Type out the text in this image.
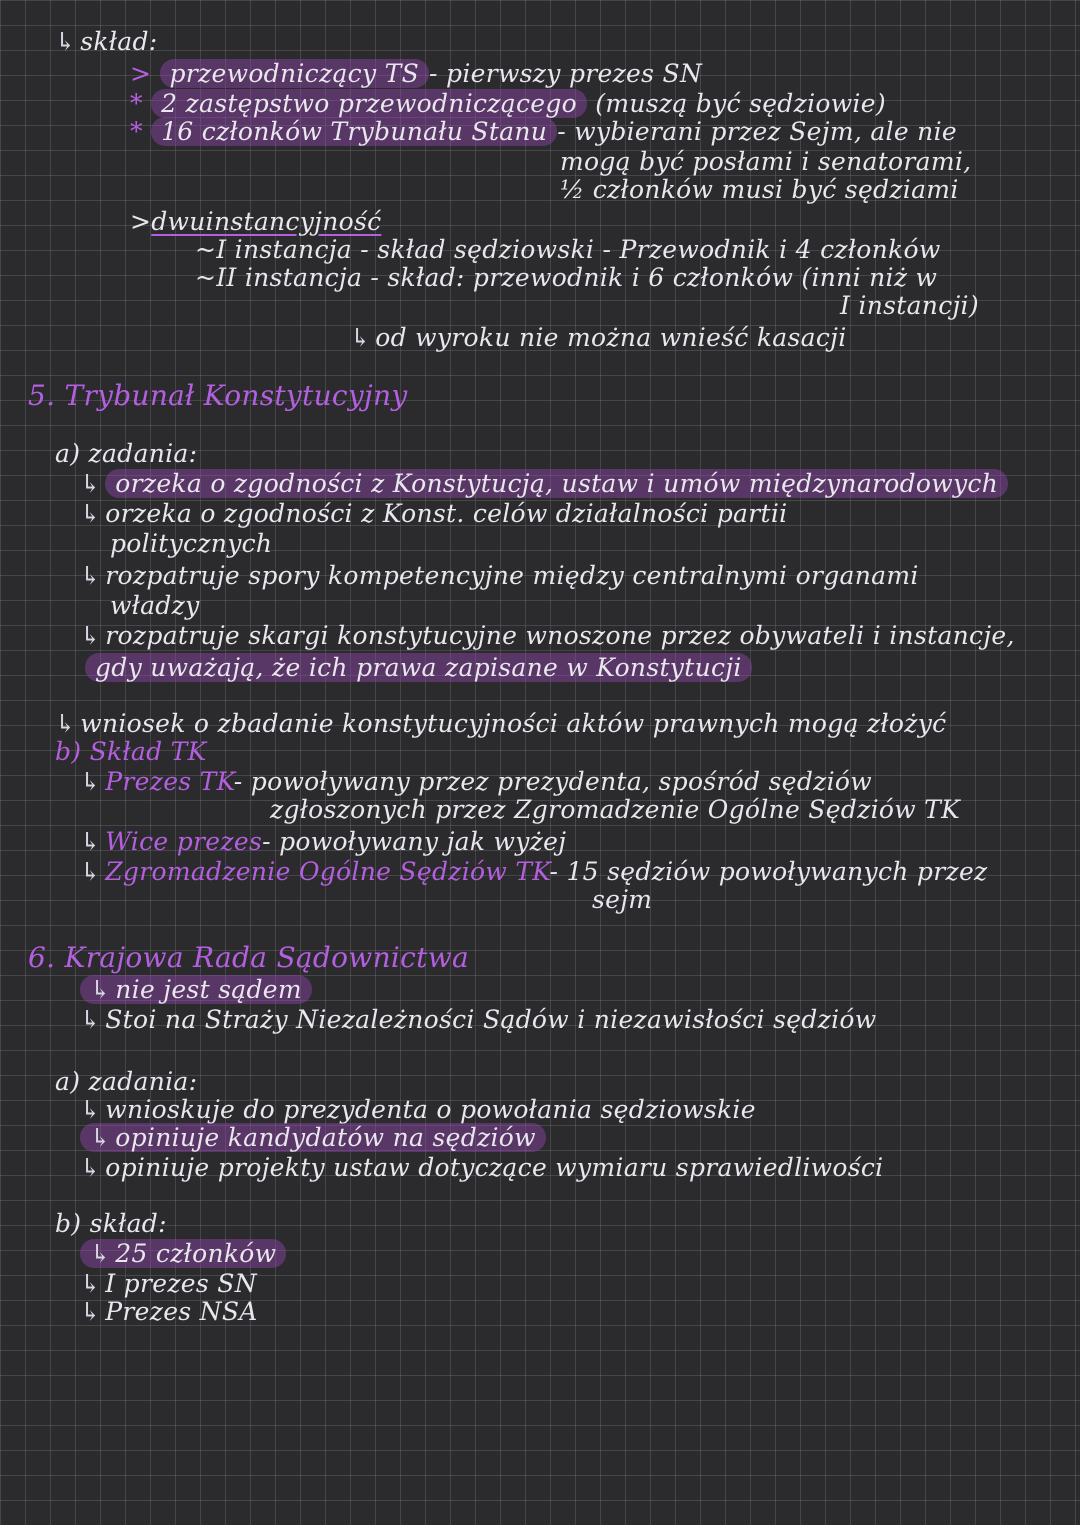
↳ skład:
> przewodniczący TS - pierwszy prezes SN
* 2 zastępstwo przewodniczącego (muszą być sędziowie)
* 16 członków Trybunału Stanu - wybierani przez Sejm, ale nie
mogą być posłami i senatorami,
½ członków musi być sędziami
>dwuinstancyjność
~I instancja - skład sędziowski - Przewodnik i 4 członków
~II instancja - skład: przewodnik i 6 członków (inni niż w
I instancji)
↳ od wyroku nie można wnieść kasacji
5. Trybunał Konstytucyjny
a) zadania:
↳ orzeka o zgodności z Konstytucją, ustaw i umów międzynarodowych
↳ orzeka o zgodności z Konst. celów działalności partii
politycznych
↳ rozpatruje spory kompetencyjne między centralnymi organami
władzy
↳ rozpatruje skargi konstytucyjne wnoszone przez obywateli i instancje,
gdy uważają, że ich prawa zapisane w Konstytucji
↳ wniosek o zbadanie konstytucyjności aktów prawnych mogą złożyć
b) Skład TK
↳ Prezes TK- powoływany przez prezydenta, spośród sędziów
zgłoszonych przez Zgromadzenie Ogólne Sędziów TK
↳ Wice prezes- powoływany jak wyżej
↳ Zgromadzenie Ogólne Sędziów TK- 15 sędziów powoływanych przez
sejm
6. Krajowa Rada Sądownictwa
↳ nie jest sądem
↳ Stoi na Straży Niezależności Sądów i niezawisłości sędziów
a) zadania:
↳ wnioskuje do prezydenta o powołania sędziowskie
↳ opiniuje kandydatów na sędziów
↳ opiniuje projekty ustaw dotyczące wymiaru sprawiedliwości
b) skład:
↳ 25 członków
↳ I prezes SN
↳ Prezes NSA
